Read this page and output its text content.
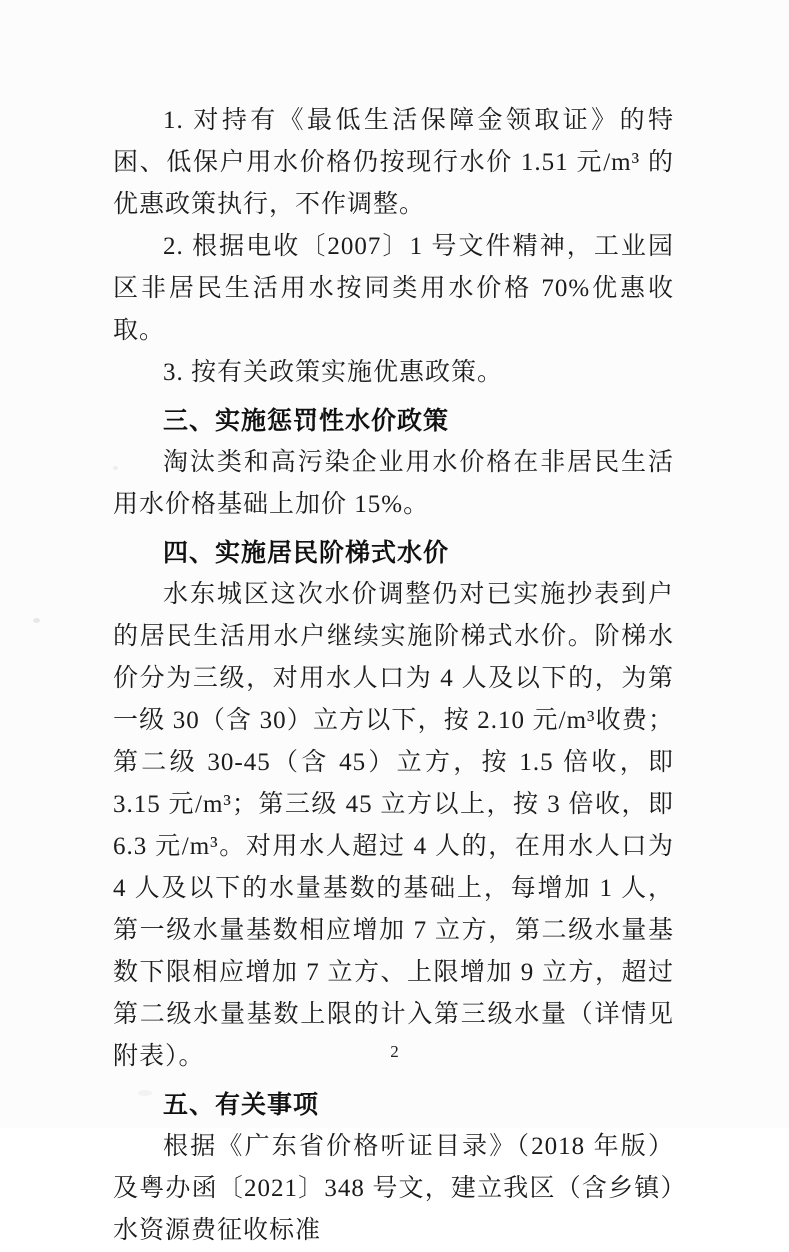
1. 对持有《最低生活保障金领取证》的特困、低保户用水价格仍按现行水价 1.51 元/m³ 的优惠政策执行，不作调整。

2. 根据电收〔2007〕1 号文件精神，工业园区非居民生活用水按同类用水价格 70%优惠收取。

3. 按有关政策实施优惠政策。

三、实施惩罚性水价政策

淘汰类和高污染企业用水价格在非居民生活用水价格基础上加价 15%。

四、实施居民阶梯式水价

水东城区这次水价调整仍对已实施抄表到户的居民生活用水户继续实施阶梯式水价。阶梯水价分为三级，对用水人口为 4 人及以下的，为第一级 30（含 30）立方以下，按 2.10 元/m³收费；第二级 30-45（含 45）立方，按 1.5 倍收，即 3.15 元/m³；第三级 45 立方以上，按 3 倍收，即 6.3 元/m³。对用水人超过 4 人的，在用水人口为 4 人及以下的水量基数的基础上，每增加 1 人，第一级水量基数相应增加 7 立方，第二级水量基数下限相应增加 7 立方、上限增加 9 立方，超过第二级水量基数上限的计入第三级水量（详情见附表）。

五、有关事项

根据《广东省价格听证目录》（2018 年版）及粤办函〔2021〕348 号文，建立我区（含乡镇）水资源费征收标准

2
